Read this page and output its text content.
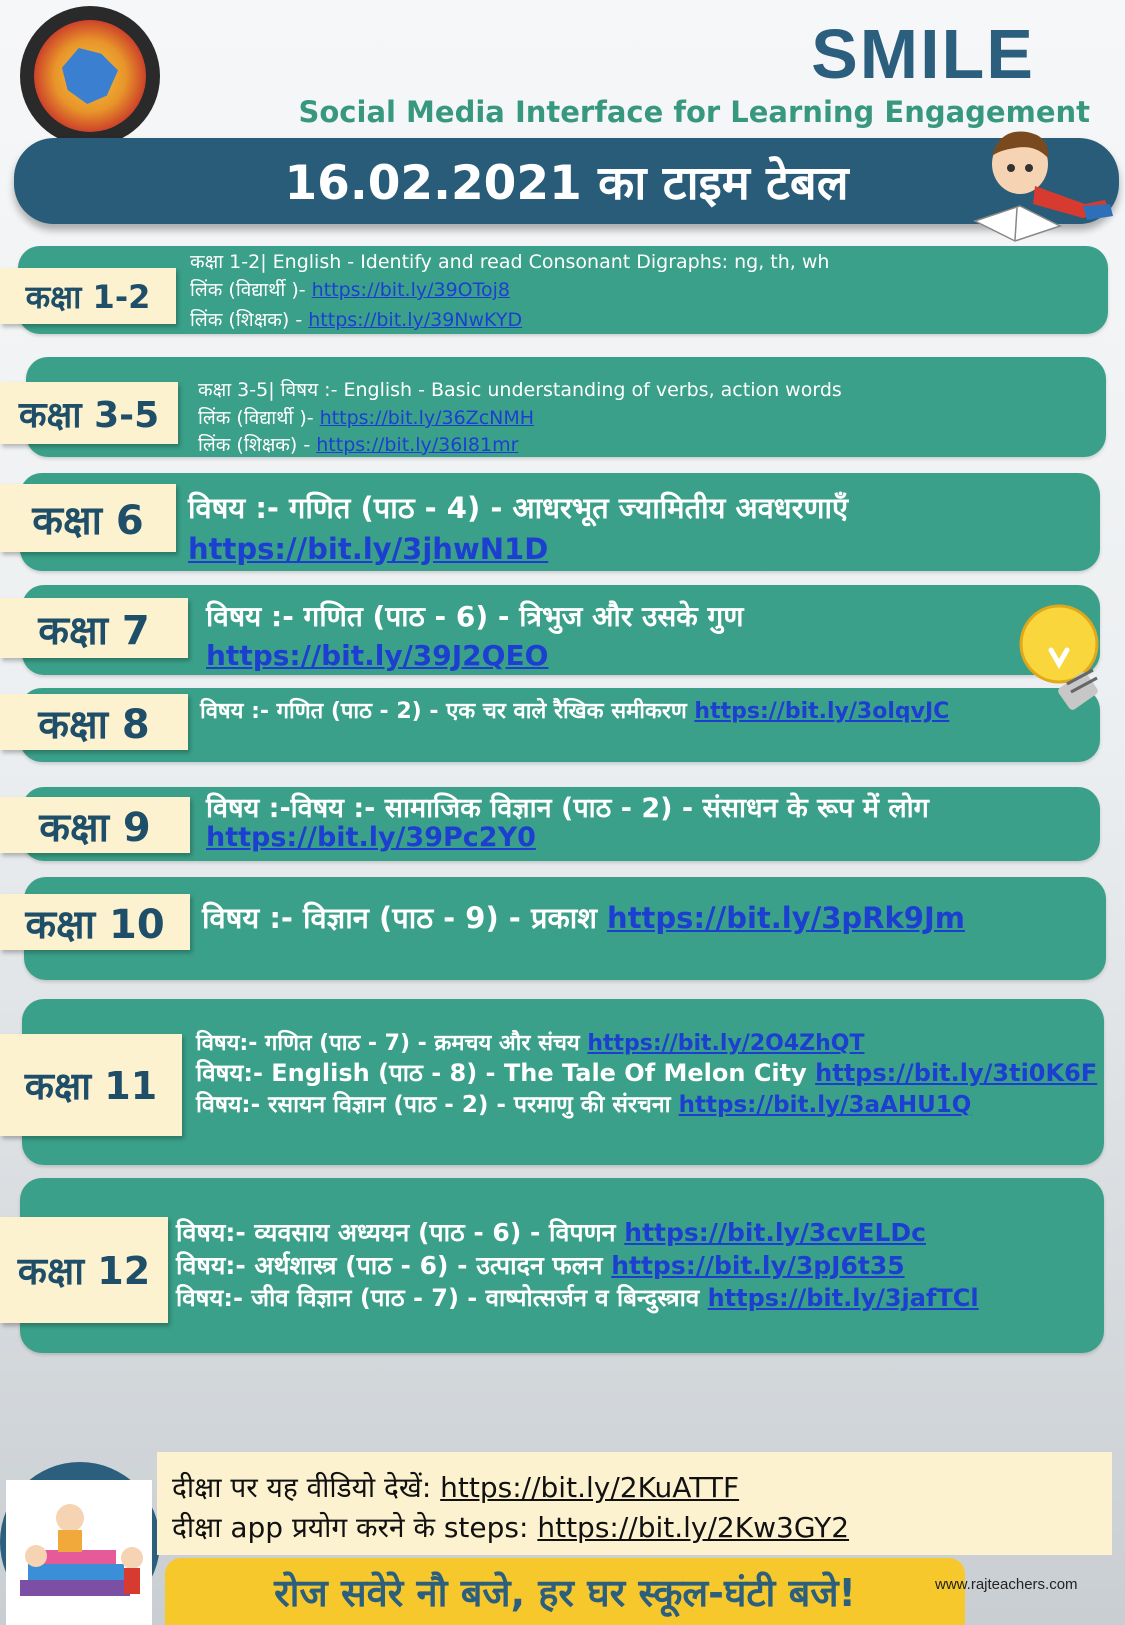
SMILE

Social Media Interface for Learning Engagement

16.02.2021 का टाइम टेबल
कक्षा 1-2

कक्षा 1-2| English - Identify and read Consonant Digraphs: ng, th, wh

लिंक (विद्यार्थी )- https://bit.ly/39OToj8

लिंक (शिक्षक) - https://bit.ly/39NwKYD

कक्षा 3-5

कक्षा 3-5| विषय :- English - Basic understanding of verbs, action words

लिंक (विद्यार्थी )- https://bit.ly/36ZcNMH

लिंक (शिक्षक) - https://bit.ly/36I81mr

कक्षा 6	विषय :- गणित (पाठ - 4) - आधरभूत ज्यामितीय अवधरणाएँ

https://bit.ly/3jhwN1D

कक्षा 7	विषय :- गणित (पाठ - 6) - त्रिभुज और उसके गुण

https://bit.ly/39J2QEO

कक्षा 8	विषय :- गणित (पाठ - 2) - एक चर वाले रैखिक समीकरण https://bit.ly/3olqvJC

कक्षा 9	विषय :-विषय :- सामाजिक विज्ञान (पाठ - 2) - संसाधन के रूप में लोग

https://bit.ly/39Pc2Y0

कक्षा 10	विषय :- विज्ञान (पाठ - 9) - प्रकाश https://bit.ly/3pRk9Jm

कक्षा 11

विषय:- गणित (पाठ - 7) - क्रमचय और संचय https://bit.ly/2O4ZhQT

विषय:- English (पाठ - 8) - The Tale Of Melon City https://bit.ly/3ti0K6F

विषय:- रसायन विज्ञान (पाठ - 2) - परमाणु की संरचना https://bit.ly/3aAHU1Q

कक्षा 12

विषय:- व्यवसाय अध्ययन (पाठ - 6) - विपणन https://bit.ly/3cvELDc

विषय:- अर्थशास्त्र (पाठ - 6) - उत्पादन फलन https://bit.ly/3pJ6t35

विषय:- जीव विज्ञान (पाठ - 7) - वाष्पोत्सर्जन व बिन्दुस्त्राव https://bit.ly/3jafTCl

दीक्षा पर यह वीडियो देखें: https://bit.ly/2KuATTF

दीक्षा app प्रयोग करने के steps: https://bit.ly/2Kw3GY2

रोज सवेरे नौ बजे, हर घर स्कूल-घंटी बजे!	www.rajteachers.com
